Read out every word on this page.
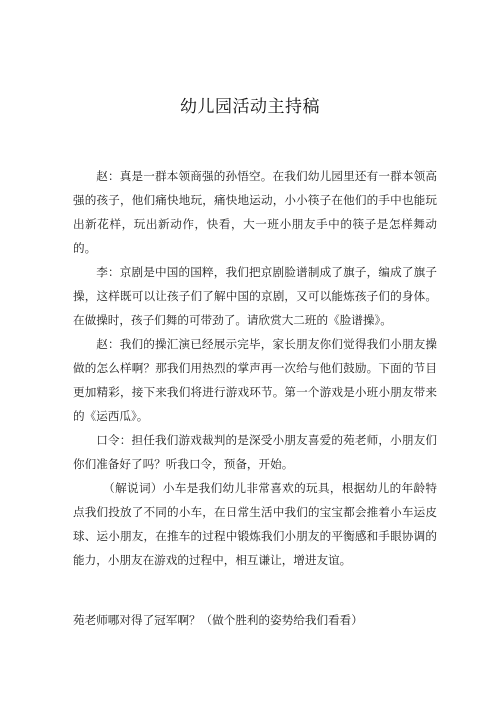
幼儿园活动主持稿

赵：真是一群本领商强的孙悟空。在我们幼儿园里还有一群本领高强的孩子，他们痛快地玩，痛快地运动，小小筷子在他们的手中也能玩出新花样，玩出新动作，快看，大一班小朋友手中的筷子是怎样舞动的。

李：京剧是中国的国粹，我们把京剧脸谱制成了旗子，编成了旗子操，这样既可以让孩子们了解中国的京剧，又可以能炼孩子们的身体。在做操时，孩子们舞的可带劲了。请欣赏大二班的《脸谱操》。

赵：我们的操汇演已经展示完毕，家长朋友你们觉得我们小朋友操做的怎么样啊？那我们用热烈的掌声再一次给与他们鼓励。下面的节目更加精彩，接下来我们将进行游戏环节。第一个游戏是小班小朋友带来的《运西瓜》。

口令：担任我们游戏裁判的是深受小朋友喜爱的苑老师，小朋友们你们准备好了吗？听我口令，预备，开始。

（解说词）小车是我们幼儿非常喜欢的玩具，根据幼儿的年龄特点我们投放了不同的小车，在日常生活中我们的宝宝都会推着小车运皮球、运小朋友，在推车的过程中锻炼我们小朋友的平衡感和手眼协调的能力，小朋友在游戏的过程中，相互谦让，增进友谊。

苑老师哪对得了冠军啊？（做个胜利的姿势给我们看看）
